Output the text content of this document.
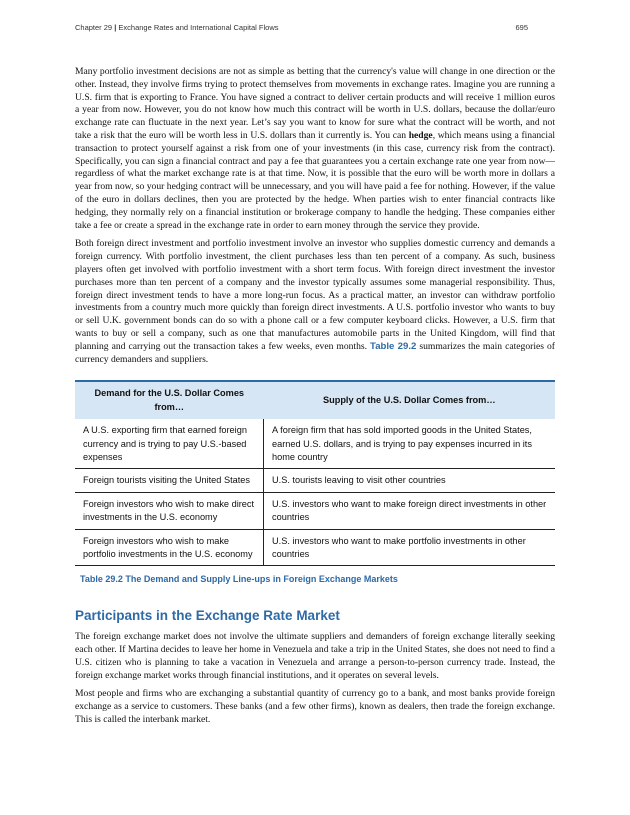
Chapter 29 | Exchange Rates and International Capital Flows	695

Many portfolio investment decisions are not as simple as betting that the currency's value will change in one direction or the other. Instead, they involve firms trying to protect themselves from movements in exchange rates. Imagine you are running a U.S. firm that is exporting to France. You have signed a contract to deliver certain products and will receive 1 million euros a year from now. However, you do not know how much this contract will be worth in U.S. dollars, because the dollar/euro exchange rate can fluctuate in the next year. Let’s say you want to know for sure what the contract will be worth, and not take a risk that the euro will be worth less in U.S. dollars than it currently is. You can hedge, which means using a financial transaction to protect yourself against a risk from one of your investments (in this case, currency risk from the contract). Specifically, you can sign a financial contract and pay a fee that guarantees you a certain exchange rate one year from now—regardless of what the market exchange rate is at that time. Now, it is possible that the euro will be worth more in dollars a year from now, so your hedging contract will be unnecessary, and you will have paid a fee for nothing. However, if the value of the euro in dollars declines, then you are protected by the hedge. When parties wish to enter financial contracts like hedging, they normally rely on a financial institution or brokerage company to handle the hedging. These companies either take a fee or create a spread in the exchange rate in order to earn money through the service they provide.

Both foreign direct investment and portfolio investment involve an investor who supplies domestic currency and demands a foreign currency. With portfolio investment, the client purchases less than ten percent of a company. As such, business players often get involved with portfolio investment with a short term focus. With foreign direct investment the investor purchases more than ten percent of a company and the investor typically assumes some managerial responsibility. Thus, foreign direct investment tends to have a more long-run focus. As a practical matter, an investor can withdraw portfolio investments from a country much more quickly than foreign direct investments. A U.S. portfolio investor who wants to buy or sell U.K. government bonds can do so with a phone call or a few computer keyboard clicks. However, a U.S. firm that wants to buy or sell a company, such as one that manufactures automobile parts in the United Kingdom, will find that planning and carrying out the transaction takes a few weeks, even months. Table 29.2 summarizes the main categories of currency demanders and suppliers.

Demand for the U.S. Dollar Comes from…	Supply of the U.S. Dollar Comes from…
A U.S. exporting firm that earned foreign currency and is trying to pay U.S.-based expenses	A foreign firm that has sold imported goods in the United States, earned U.S. dollars, and is trying to pay expenses incurred in its home country
Foreign tourists visiting the United States	U.S. tourists leaving to visit other countries
Foreign investors who wish to make direct investments in the U.S. economy	U.S. investors who want to make foreign direct investments in other countries
Foreign investors who wish to make portfolio investments in the U.S. economy	U.S. investors who want to make portfolio investments in other countries
Table 29.2 The Demand and Supply Line-ups in Foreign Exchange Markets
Participants in the Exchange Rate Market

The foreign exchange market does not involve the ultimate suppliers and demanders of foreign exchange literally seeking each other. If Martina decides to leave her home in Venezuela and take a trip in the United States, she does not need to find a U.S. citizen who is planning to take a vacation in Venezuela and arrange a person-to-person currency trade. Instead, the foreign exchange market works through financial institutions, and it operates on several levels.

Most people and firms who are exchanging a substantial quantity of currency go to a bank, and most banks provide foreign exchange as a service to customers. These banks (and a few other firms), known as dealers, then trade the foreign exchange. This is called the interbank market.
